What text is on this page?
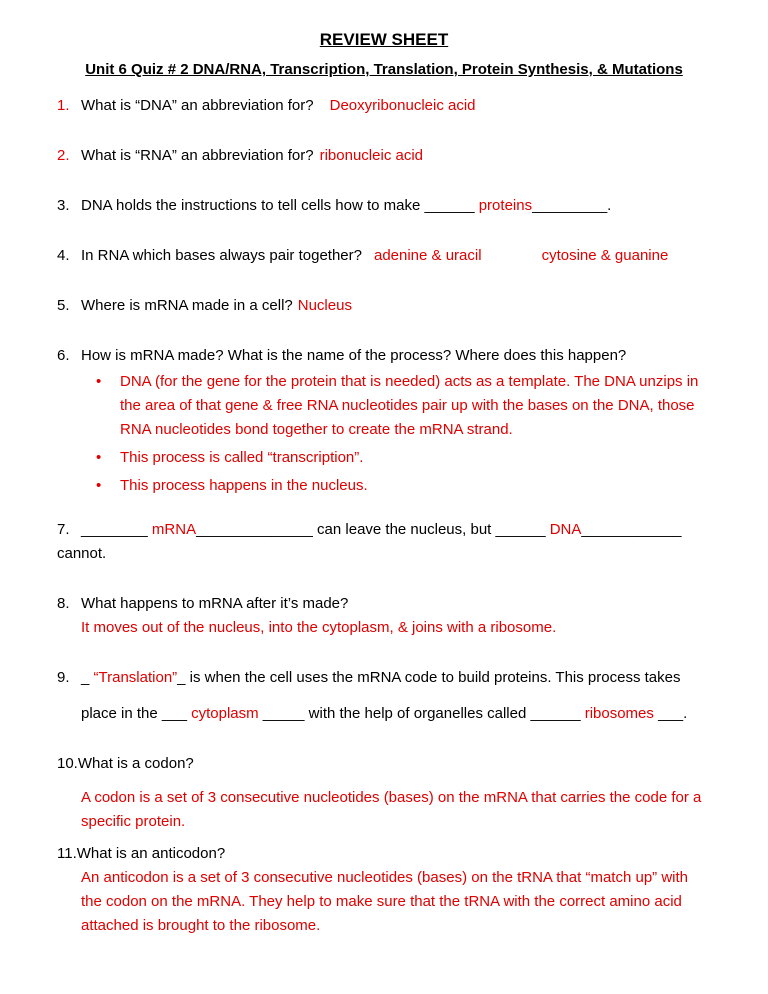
REVIEW SHEET
Unit 6 Quiz # 2 DNA/RNA, Transcription, Translation, Protein Synthesis, & Mutations
1. What is “DNA” an abbreviation for? Deoxyribonucleic acid
2. What is “RNA” an abbreviation for? ribonucleic acid
3. DNA holds the instructions to tell cells how to make ______ proteins_________.
4. In RNA which bases always pair together? adenine & uracil	cytosine & guanine
5. Where is mRNA made in a cell? Nucleus
6. How is mRNA made? What is the name of the process? Where does this happen?
•	DNA (for the gene for the protein that is needed) acts as a template. The DNA unzips in the area of that gene & free RNA nucleotides pair up with the bases on the DNA, those RNA nucleotides bond together to create the mRNA strand.
•	This process is called “transcription”.
•	This process happens in the nucleus.
7. ________ mRNA______________ can leave the nucleus, but ______ DNA____________ cannot.
8. What happens to mRNA after it’s made?
It moves out of the nucleus, into the cytoplasm, & joins with a ribosome.
9. _ “Translation”_ is when the cell uses the mRNA code to build proteins. This process takes
place in the ___ cytoplasm _____ with the help of organelles called ______ ribosomes ___.
10.What is a codon?
A codon is a set of 3 consecutive nucleotides (bases) on the mRNA that carries the code for a specific protein.
11.What is an anticodon?
An anticodon is a set of 3 consecutive nucleotides (bases) on the tRNA that “match up” with the codon on the mRNA. They help to make sure that the tRNA with the correct amino acid attached is brought to the ribosome.
